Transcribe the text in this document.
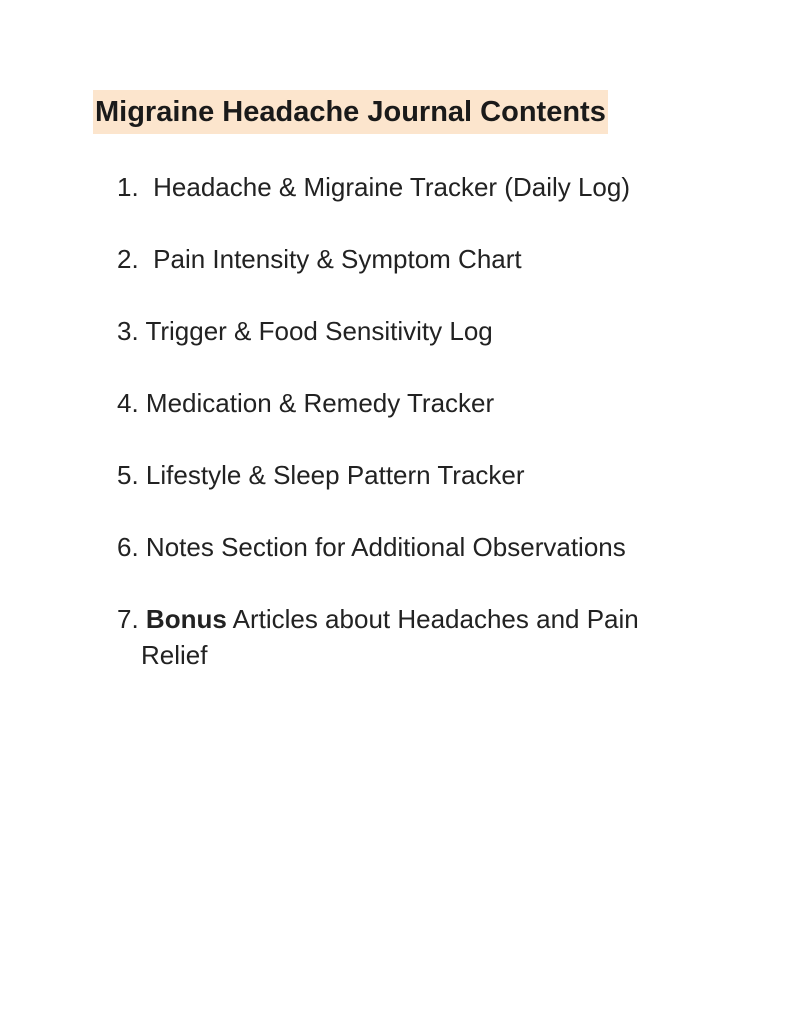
Migraine Headache Journal Contents

1.  Headache & Migraine Tracker (Daily Log)

2.  Pain Intensity & Symptom Chart

3. Trigger & Food Sensitivity Log

4. Medication & Remedy Tracker

5. Lifestyle & Sleep Pattern Tracker

6. Notes Section for Additional Observations

7. Bonus Articles about Headaches and Pain
Relief
